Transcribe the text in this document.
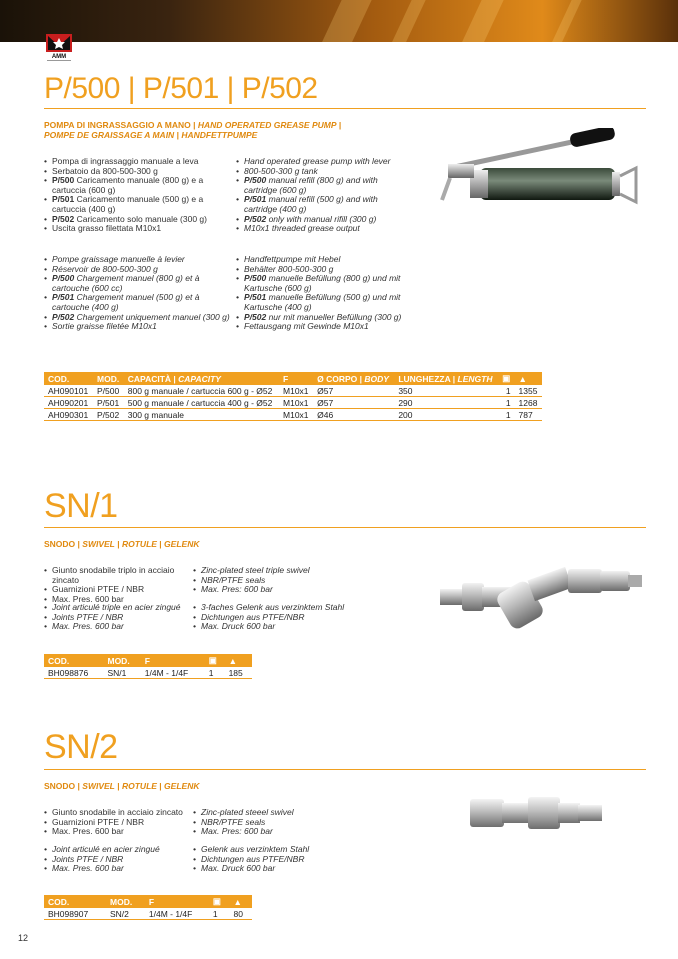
AMM
P/500 | P/501 | P/502
POMPA DI INGRASSAGGIO A MANO | HAND OPERATED GREASE PUMP |
POMPE DE GRAISSAGE A MAIN | HANDFETTPUMPE
• Pompa di ingrassaggio manuale a leva
• Serbatoio da 800-500-300 g
• P/500 Caricamento manuale (800 g) e a cartuccia (600 g)
• P/501 Caricamento manuale (500 g) e a cartuccia (400 g)
• P/502 Caricamento solo manuale (300 g)
• Uscita grasso filettata M10x1
• Pompe graissage manuelle à levier
• Réservoir de 800-500-300 g
• P/500 Chargement manuel (800 g) et à cartouche (600 cc)
• P/501 Chargement manuel (500 g) et à cartouche (400 g)
• P/502 Chargement uniquement manuel (300 g)
• Sortie graisse filetée M10x1
• Hand operated grease pump with lever
• 800-500-300 g tank
• P/500 manual refill (800 g) and with cartridge (600 g)
• P/501 manual refill (500 g) and with cartridge (400 g)
• P/502 only with manual rifill (300 g)
• M10x1 threaded grease output
• Handfettpumpe mit Hebel
• Behälter 800-500-300 g
• P/500 manuelle Befüllung (800 g) und mit Kartusche (600 g)
• P/501 manuelle Befüllung (500 g) und mit Kartusche (400 g)
• P/502 nur mit manueller Befüllung (300 g)
• Fettausgang mit Gewinde M10x1
COD.	MOD.	CAPACITÀ | CAPACITY	F	Ø CORPO | BODY	LUNGHEZZA | LENGTH	▣	▲
AH090101	P/500	800 g manuale / cartuccia 600 g - Ø52	M10x1	Ø57	350	1	1355
AH090201	P/501	500 g manuale / cartuccia 400 g - Ø52	M10x1	Ø57	290	1	1268
AH090301	P/502	300 g manuale	M10x1	Ø46	200	1	787
SN/1
SNODO | SWIVEL | ROTULE | GELENK
• Giunto snodabile triplo in acciaio zincato
• Guarnizioni PTFE / NBR
• Max. Pres. 600 bar
• Joint articulé triple en acier zingué
• Joints PTFE / NBR
• Max. Pres. 600 bar
• Zinc-plated steel triple swivel
• NBR/PTFE seals
• Max. Pres: 600 bar
• 3-faches Gelenk aus verzinktem Stahl
• Dichtungen aus PTFE/NBR
• Max. Druck 600 bar
COD.	MOD.	F	▣	▲
BH098876	SN/1	1/4M - 1/4F	1	185
SN/2
SNODO | SWIVEL | ROTULE | GELENK
• Giunto snodabile in acciaio zincato
• Guarnizioni PTFE / NBR
• Max. Pres. 600 bar
• Joint articulé en acier zingué
• Joints PTFE / NBR
• Max. Pres. 600 bar
• Zinc-plated steeel swivel
• NBR/PTFE seals
• Max. Pres: 600 bar
• Gelenk aus verzinktem Stahl
• Dichtungen aus PTFE/NBR
• Max. Druck 600 bar
COD.	MOD.	F	▣	▲
BH098907	SN/2	1/4M - 1/4F	1	80
12
